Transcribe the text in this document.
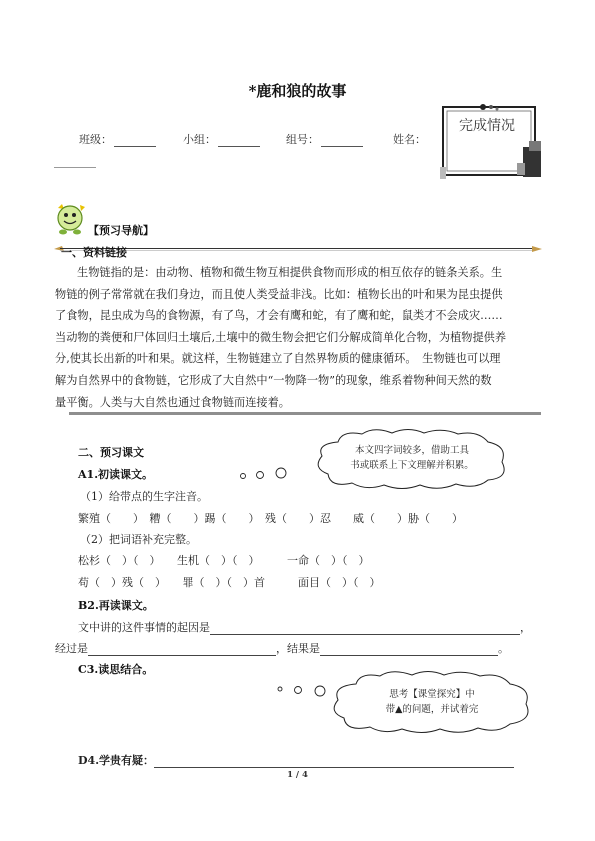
*鹿和狼的故事
班级：	小组：	组号：	姓名：
完成情况
【预习导航】
一、资料链接
生物链指的是：由动物、植物和微生物互相提供食物而形成的相互依存的链条关系。生
物链的例子常常就在我们身边，而且使人类受益非浅。比如：植物长出的叶和果为昆虫提供
了食物，昆虫成为鸟的食物源，有了鸟，才会有鹰和蛇，有了鹰和蛇，鼠类才不会成灾……
当动物的粪便和尸体回归土壤后,土壤中的微生物会把它们分解成简单化合物，为植物提供养
分,使其长出新的叶和果。就这样，生物链建立了自然界物质的健康循环。　生物链也可以理
解为自然界中的食物链，它形成了大自然中“一物降一物”的现象，维系着物种间天然的数
量平衡。人类与大自然也通过食物链而连接着。
二、预习课文	本文四字词较多，借助工具
书或联系上下文理解并积累。
A1.初读课文。
（1）给带点的生字注音。
繁殖（　　）　糟（　　）踢（　　）　残（　　）忍　　威（　　）胁（　　）
（2）把词语补充完整。
松杉（　）（　）　　生机（　）（　）　　　一命（　）（　）
苟（　）残（　）　　罪（　）（　）首　　　面目（　）（　）
B2.再读课文。
文中讲的这件事情的起因是	，
经过是	，结果是	。
C3.读思结合。
思考【课堂探究】中
带▲的问题，并试着完
D4.学贵有疑：
1 / 4
